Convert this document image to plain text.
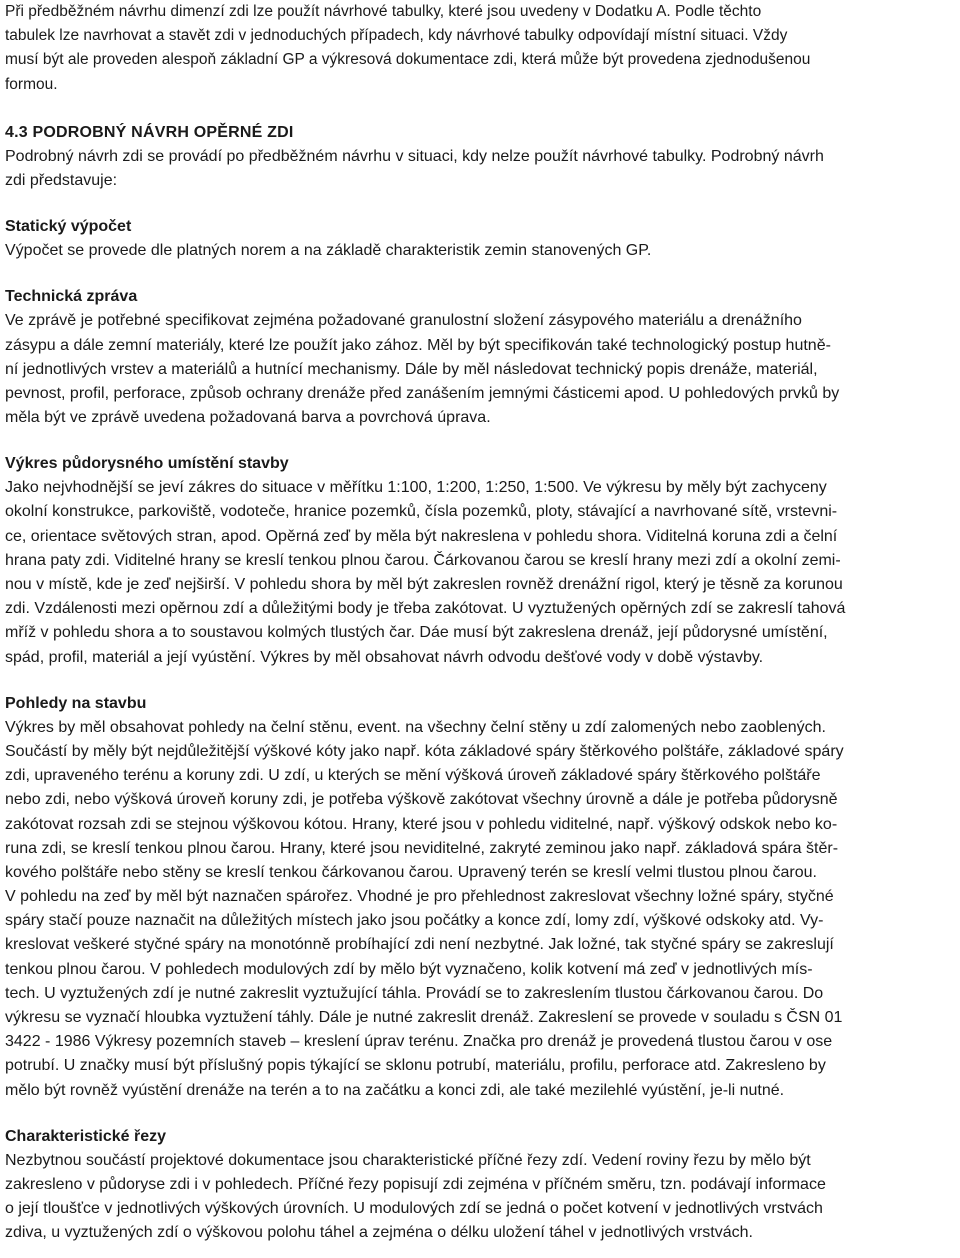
Při předběžném návrhu dimenzí zdi lze použít návrhové tabulky, které jsou uvedeny v Dodatku A. Podle těchto
tabulek lze navrhovat a stavět zdi v jednoduchých případech, kdy návrhové tabulky odpovídají místní situaci. Vždy
musí být ale proveden alespoň základní GP a výkresová dokumentace zdi, která může být provedena zjednodušenou
formou.
4.3 PODROBNÝ NÁVRH OPĚRNÉ ZDI
Podrobný návrh zdi se provádí po předběžném návrhu v situaci, kdy nelze použít návrhové tabulky. Podrobný návrh
zdi představuje:
Statický výpočet
Výpočet se provede dle platných norem a na základě charakteristik zemin stanovených GP.
Technická zpráva
Ve zprávě je potřebné specifikovat zejména požadované granulostní složení zásypového materiálu a drenážního
zásypu a dále zemní materiály, které lze použít jako zához. Měl by být specifikován také technologický postup hutně-
ní jednotlivých vrstev a materiálů a hutnící mechanismy. Dále by měl následovat technický popis drenáže, materiál,
pevnost, profil, perforace, způsob ochrany drenáže před zanášením jemnými částicemi apod. U pohledových prvků by
měla být ve zprávě uvedena požadovaná barva a povrchová úprava.
Výkres půdorysného umístění stavby
Jako nejvhodnější se jeví zákres do situace v měřítku 1:100, 1:200, 1:250, 1:500. Ve výkresu by měly být zachyceny
okolní konstrukce, parkoviště, vodoteče, hranice pozemků, čísla pozemků, ploty, stávající a navrhované sítě, vrstevni-
ce, orientace světových stran, apod. Opěrná zeď by měla být nakreslena v pohledu shora. Viditelná koruna zdi a čelní
hrana paty zdi. Viditelné hrany se kreslí tenkou plnou čarou. Čárkovanou čarou se kreslí hrany mezi zdí a okolní zemi-
nou v místě, kde je zeď nejširší. V pohledu shora by měl být zakreslen rovněž drenážní rigol, který je těsně za korunou
zdi. Vzdálenosti mezi opěrnou zdí a důležitými body je třeba zakótovat. U vyztužených opěrných zdí se zakreslí tahová
mříž v pohledu shora a to soustavou kolmých tlustých čar. Dáe musí být zakreslena drenáž, její půdorysné umístění,
spád, profil, materiál a její vyústění. Výkres by měl obsahovat návrh odvodu dešťové vody v době výstavby.
Pohledy na stavbu
Výkres by měl obsahovat pohledy na čelní stěnu, event. na všechny čelní stěny u zdí zalomených nebo zaoblených.
Součástí by měly být nejdůležitější výškové kóty jako např. kóta základové spáry štěrkového polštáře, základové spáry
zdi, upraveného terénu a koruny zdi. U zdí, u kterých se mění výšková úroveň základové spáry štěrkového polštáře
nebo zdi, nebo výšková úroveň koruny zdi, je potřeba výškově zakótovat všechny úrovně a dále je potřeba půdorysně
zakótovat rozsah zdi se stejnou výškovou kótou. Hrany, které jsou v pohledu viditelné, např. výškový odskok nebo ko-
runa zdi, se kreslí tenkou plnou čarou. Hrany, které jsou neviditelné, zakryté zeminou jako např. základová spára štěr-
kového polštáře nebo stěny se kreslí tenkou čárkovanou čarou. Upravený terén se kreslí velmi tlustou plnou čarou.
V pohledu na zeď by měl být naznačen spárořez. Vhodné je pro přehlednost zakreslovat všechny ložné spáry, styčné
spáry stačí pouze naznačit na důležitých místech jako jsou počátky a konce zdí, lomy zdí, výškové odskoky atd. Vy-
kreslovat veškeré styčné spáry na monotónně probíhající zdi není nezbytné. Jak ložné, tak styčné spáry se zakreslují
tenkou plnou čarou. V pohledech modulových zdí by mělo být vyznačeno, kolik kotvení má zeď v jednotlivých mís-
tech. U vyztužených zdí je nutné zakreslit vyztužující táhla. Provádí se to zakreslením tlustou čárkovanou čarou. Do
výkresu se vyznačí hloubka vyztužení táhly. Dále je nutné zakreslit drenáž. Zakreslení se provede v souladu s ČSN 01
3422 - 1986 Výkresy pozemních staveb – kreslení úprav terénu. Značka pro drenáž je provedená tlustou čarou v ose
potrubí. U značky musí být příslušný popis týkající se sklonu potrubí, materiálu, profilu, perforace atd. Zakresleno by
mělo být rovněž vyústění drenáže na terén a to na začátku a konci zdi, ale také mezilehlé vyústění, je-li nutné.
Charakteristické řezy
Nezbytnou součástí projektové dokumentace jsou charakteristické příčné řezy zdí. Vedení roviny řezu by mělo být
zakresleno v půdoryse zdi i v pohledech. Příčné řezy popisují zdi zejména v příčném směru, tzn. podávají informace
o její tloušťce v jednotlivých výškových úrovních. U modulových zdí se jedná o počet kotvení v jednotlivých vrstvách
zdiva, u vyztužených zdí o výškovou polohu táhel a zejména o délku uložení táhel v jednotlivých vrstvách.
